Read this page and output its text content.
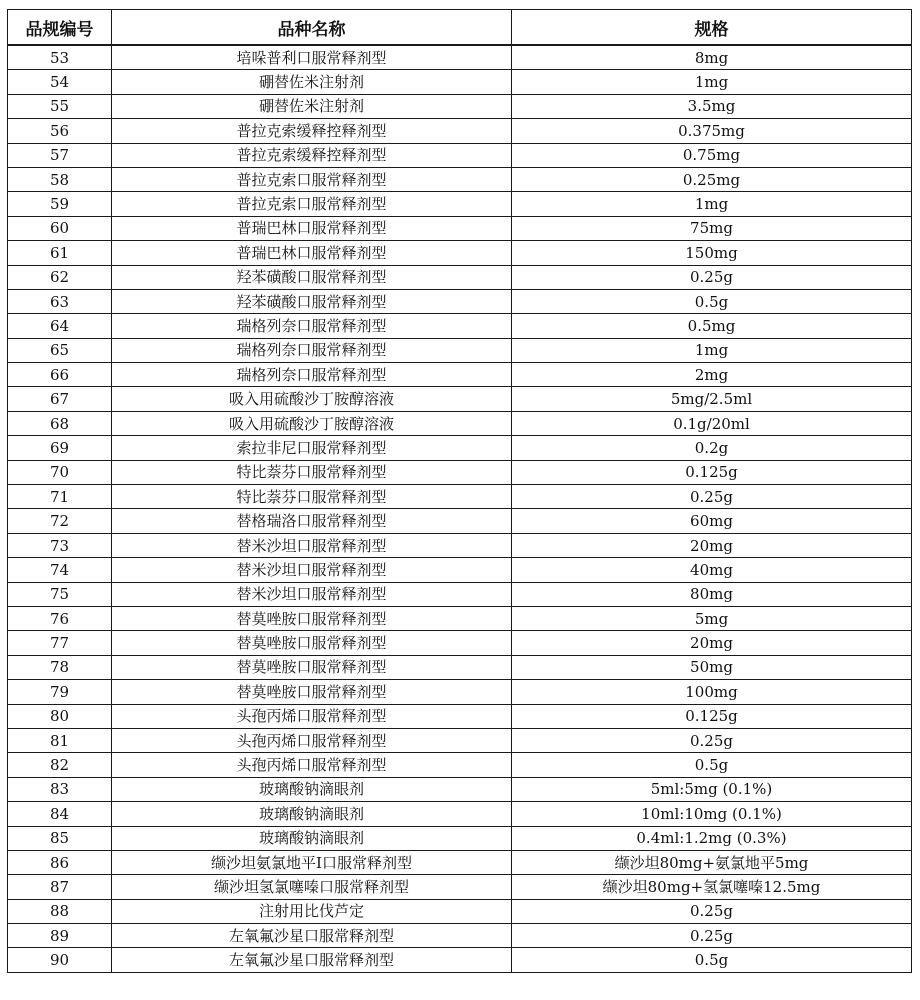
品规编号	品种名称	规格
53	培哚普利口服常释剂型	8mg
54	硼替佐米注射剂	1mg
55	硼替佐米注射剂	3.5mg
56	普拉克索缓释控释剂型	0.375mg
57	普拉克索缓释控释剂型	0.75mg
58	普拉克索口服常释剂型	0.25mg
59	普拉克索口服常释剂型	1mg
60	普瑞巴林口服常释剂型	75mg
61	普瑞巴林口服常释剂型	150mg
62	羟苯磺酸口服常释剂型	0.25g
63	羟苯磺酸口服常释剂型	0.5g
64	瑞格列奈口服常释剂型	0.5mg
65	瑞格列奈口服常释剂型	1mg
66	瑞格列奈口服常释剂型	2mg
67	吸入用硫酸沙丁胺醇溶液	5mg/2.5ml
68	吸入用硫酸沙丁胺醇溶液	0.1g/20ml
69	索拉非尼口服常释剂型	0.2g
70	特比萘芬口服常释剂型	0.125g
71	特比萘芬口服常释剂型	0.25g
72	替格瑞洛口服常释剂型	60mg
73	替米沙坦口服常释剂型	20mg
74	替米沙坦口服常释剂型	40mg
75	替米沙坦口服常释剂型	80mg
76	替莫唑胺口服常释剂型	5mg
77	替莫唑胺口服常释剂型	20mg
78	替莫唑胺口服常释剂型	50mg
79	替莫唑胺口服常释剂型	100mg
80	头孢丙烯口服常释剂型	0.125g
81	头孢丙烯口服常释剂型	0.25g
82	头孢丙烯口服常释剂型	0.5g
83	玻璃酸钠滴眼剂	5ml:5mg (0.1%)
84	玻璃酸钠滴眼剂	10ml:10mg (0.1%)
85	玻璃酸钠滴眼剂	0.4ml:1.2mg (0.3%)
86	缬沙坦氨氯地平Ⅰ口服常释剂型	缬沙坦80mg+氨氯地平5mg
87	缬沙坦氢氯噻嗪口服常释剂型	缬沙坦80mg+氢氯噻嗪12.5mg
88	注射用比伐芦定	0.25g
89	左氧氟沙星口服常释剂型	0.25g
90	左氧氟沙星口服常释剂型	0.5g
